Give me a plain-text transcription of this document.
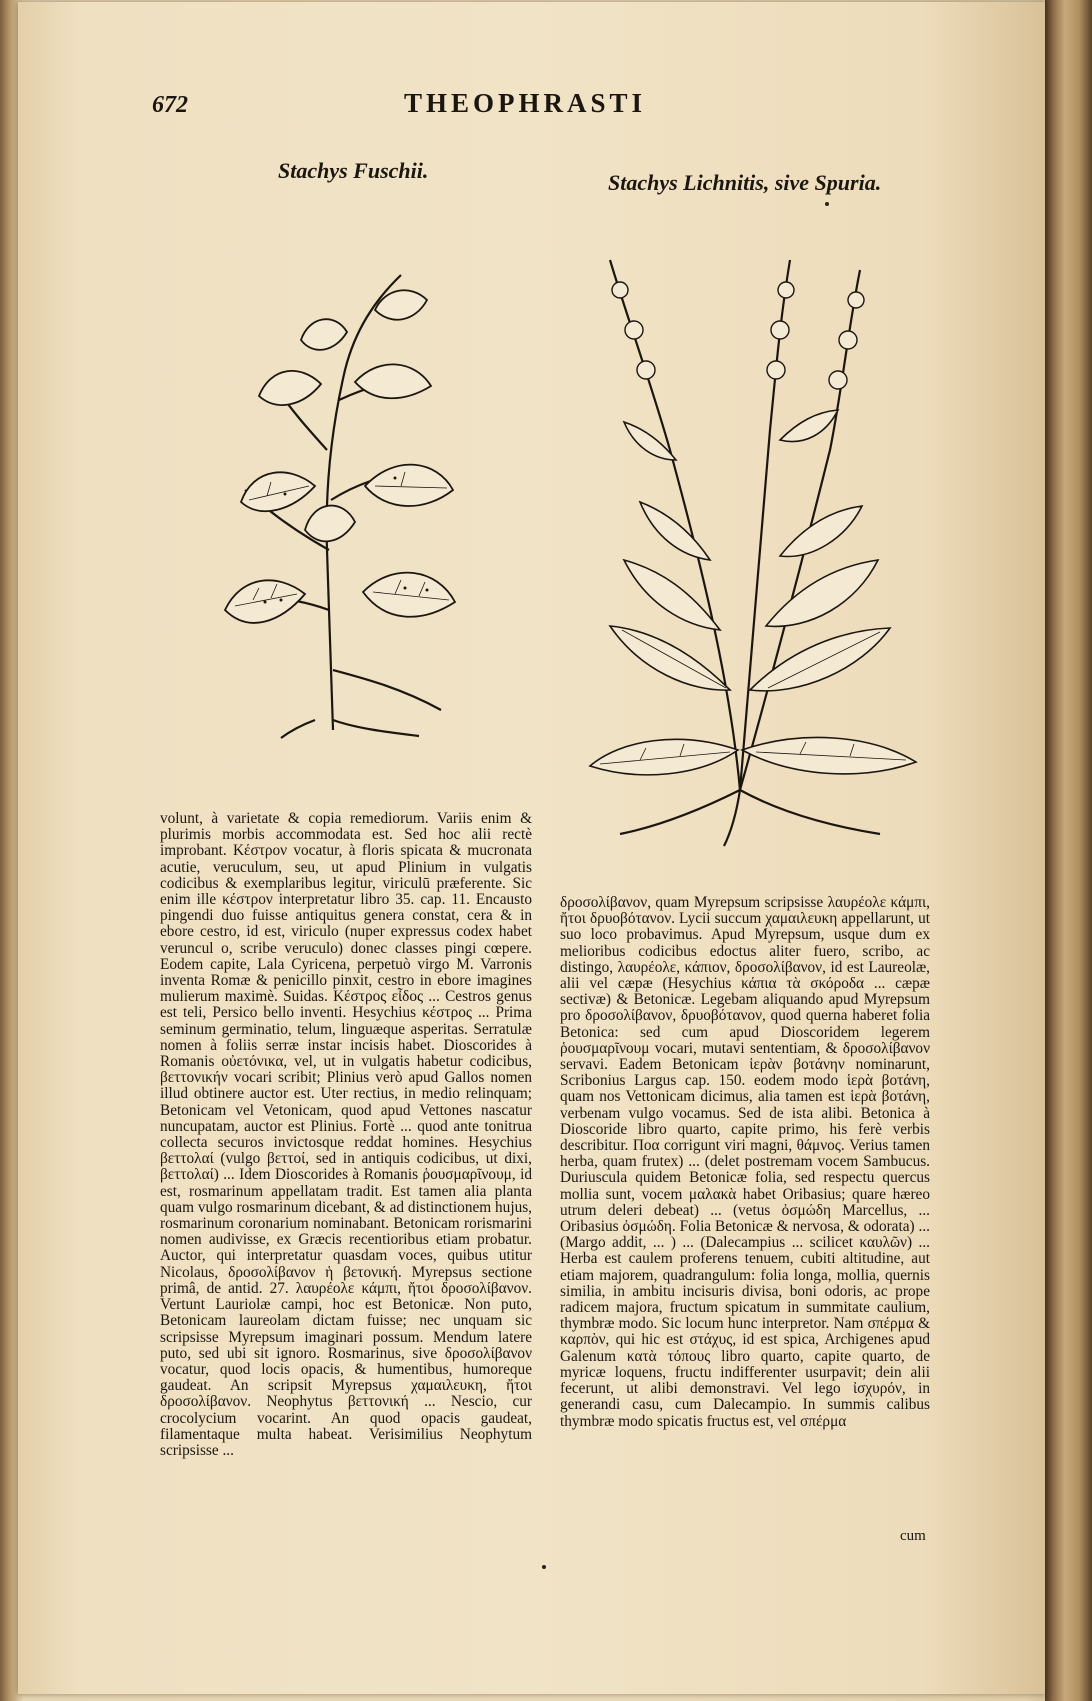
672	THEOPHRASTI
Stachys Fuschii.	Stachys Lichnitis, sive Spuria.

volunt, à varietate & copia remediorum. Variis enim & plurimis morbis accommodata est. Sed hoc alii rectè improbant. Κέστρον vocatur, à floris spicata & mucronata acutie, veruculum, seu, ut apud Plinium in vulgatis codicibus & exemplaribus legitur, viriculū præferente. Sic enim ille κέστρον interpretatur libro 35. cap. 11. Encausto pingendi duo fuisse antiquitus genera constat, cera & in ebore cestro, id est, viriculo (nuper expressus codex habet veruncul o, scribe veruculo) donec classes pingi cœpere. Eodem capite, Lala Cyricena, perpetuò virgo M. Varronis inventa Romæ & penicillo pinxit, cestro in ebore imagines mulierum maximè. Suidas. Κέστρος εἶδος ... Cestros genus est teli, Persico bello inventi. Hesychius κέστρος ... Prima seminum germinatio, telum, linguæque asperitas. Serratulæ nomen à foliis serræ instar incisis habet. Dioscorides à Romanis οὐετόνικα, vel, ut in vulgatis habetur codicibus, βεττονικήν vocari scribit; Plinius verò apud Gallos nomen illud obtinere auctor est. Uter rectius, in medio relinquam; Betonicam vel Vetonicam, quod apud Vettones nascatur nuncupatam, auctor est Plinius. Fortè ... quod ante tonitrua collecta securos invictosque reddat homines. Hesychius βεττολαί (vulgo βεττοί, sed in antiquis codicibus, ut dixi, βεττολαί) ... Idem Dioscorides à Romanis ῥουσμαρῖνουμ, id est, rosmarinum appellatam tradit. Est tamen alia planta quam vulgo rosmarinum dicebant, & ad distinctionem hujus, rosmarinum coronarium nominabant. Betonicam rorismarini nomen audivisse, ex Græcis recentioribus etiam probatur. Auctor, qui interpretatur quasdam voces, quibus utitur Nicolaus, δροσολίβανον ἡ βετονική. Myrepsus sectione primâ, de antid. 27. λαυρέολε κάμπι, ἤτοι δροσολίβανον. Vertunt Lauriolæ campi, hoc est Betonicæ. Non puto, Betonicam laureolam dictam fuisse; nec unquam sic scripsisse Myrepsum imaginari possum. Mendum latere puto, sed ubi sit ignoro. Rosmarinus, sive δροσολίβανον vocatur, quod locis opacis, & humentibus, humoreque gaudeat. An scripsit Myrepsus χαμαιλευκη, ἤτοι δροσολίβανον. Neophytus βεττονική ... Nescio, cur crocolycium vocarint. An quod opacis gaudeat, filamentaque multa habeat. Verisimilius Neophytum scripsisse ...

δροσολίβανον, quam Myrepsum scripsisse λαυρέολε κάμπι, ἤτοι δρυοβότανον. Lycii succum χαμαιλευκη appellarunt, ut suo loco probavimus. Apud Myrepsum, usque dum ex melioribus codicibus edoctus aliter fuero, scribo, ac distingo, λαυρέολε, κάπιον, δροσολίβανον, id est Laureolæ, alii vel cæpæ (Hesychius κάπια τὰ σκόροδα ... cæpæ sectivæ) & Betonicæ. Legebam aliquando apud Myrepsum pro δροσολίβανον, δρυοβότανον, quod querna haberet folia Betonica: sed cum apud Dioscoridem legerem ῥουσμαρῖνουμ vocari, mutavi sententiam, & δροσολίβανον servavi. Eadem Betonicam ἱερὰν βοτάνην nominarunt, Scribonius Largus cap. 150. eodem modo ἱερὰ βοτάνη, quam nos Vettonicam dicimus, alia tamen est ἱερὰ βοτάνη, verbenam vulgo vocamus. Sed de ista alibi. Betonica à Dioscoride libro quarto, capite primo, his ferè verbis describitur. Ποα corrigunt viri magni, θάμνος. Verius tamen herba, quam frutex) ... (delet postremam vocem Sambucus. Duriuscula quidem Betonicæ folia, sed respectu quercus mollia sunt, vocem μαλακὰ habet Oribasius; quare hæreo utrum deleri debeat) ... (vetus ὀσμώδη Marcellus, ... Oribasius ὀσμώδη. Folia Betonicæ & nervosa, & odorata) ... (Margo addit, ... ) ... (Dalecampius ... scilicet καυλῶν) ... Herba est caulem proferens tenuem, cubiti altitudine, aut etiam majorem, quadrangulum: folia longa, mollia, quernis similia, in ambitu incisuris divisa, boni odoris, ac prope radicem majora, fructum spicatum in summitate caulium, thymbræ modo. Sic locum hunc interpretor. Nam σπέρμα & καρπὸν, qui hic est στάχυς, id est spica, Archigenes apud Galenum κατὰ τόπους libro quarto, capite quarto, de myricæ loquens, fructu indifferenter usurpavit; dein alii fecerunt, ut alibi demonstravi. Vel lego ἰσχυρόν, in generandi casu, cum Dalecampio. In summis calibus thymbræ modo spicatis fructus est, vel σπέρμα

cum
